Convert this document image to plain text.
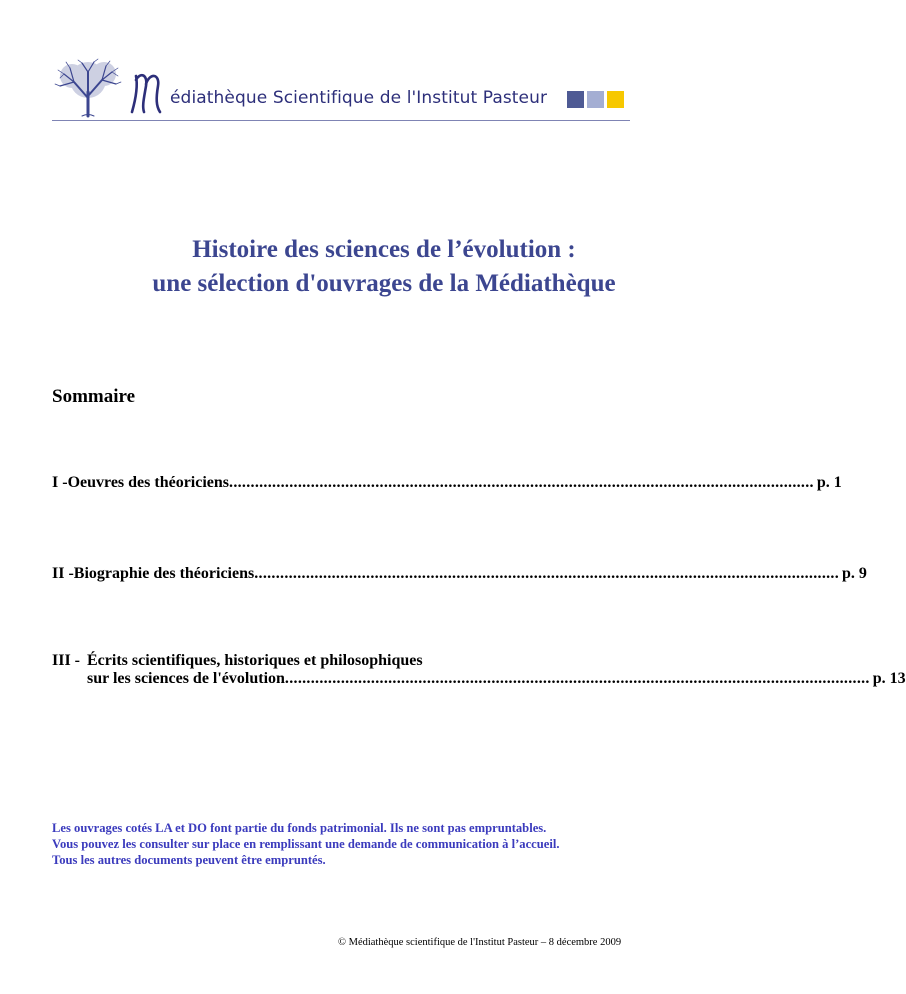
édiathèque Scientifique de l'Institut Pasteur
Histoire des sciences de l’évolution :
une sélection d'ouvrages de la Médiathèque
Sommaire
I - Oeuvres des théoriciens ........................................................................................................................................ p. 1
II - Biographie des théoriciens ........................................................................................................................................ p. 9
III - Écrits scientifiques, historiques et philosophiques
sur les sciences de l'évolution ........................................................................................................................................ p. 13
Les ouvrages cotés LA et DO font partie du fonds patrimonial. Ils ne sont pas empruntables.
Vous pouvez les consulter sur place en remplissant une demande de communication à l’accueil.
Tous les autres documents peuvent être empruntés.
© Médiathèque scientifique de l'Institut Pasteur – 8 décembre 2009
